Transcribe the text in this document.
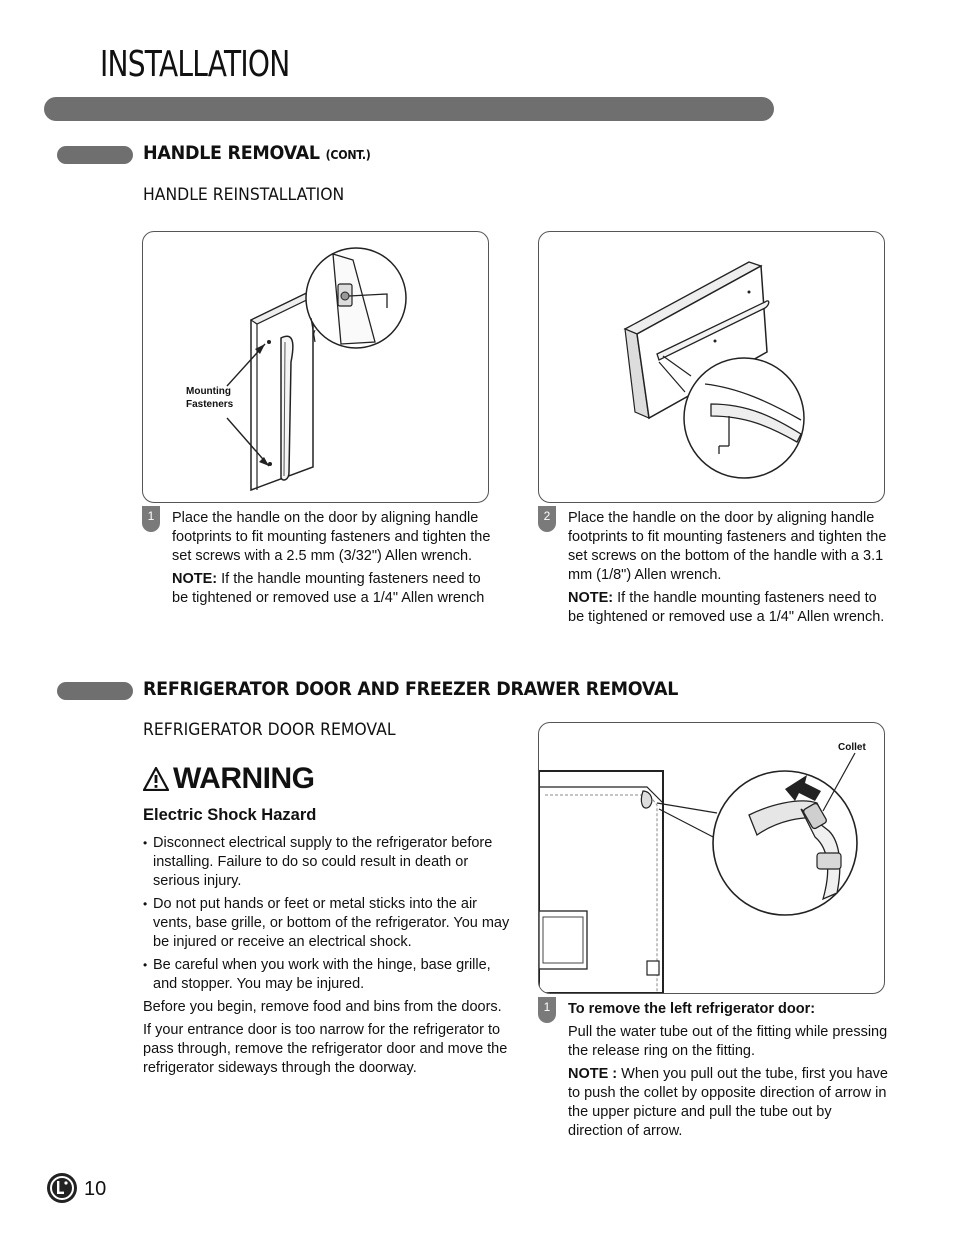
INSTALLATION
HANDLE REMOVAL (CONT.)
HANDLE REINSTALLATION
Mounting
Fasteners
1	Place the handle on the door by aligning handle footprints to fit mounting fasteners and tighten the set screws with a 2.5 mm (3/32") Allen wrench.

NOTE: If the handle mounting fasteners need to be tightened or removed use a 1/4" Allen wrench

2	Place the handle on the door by aligning handle footprints to fit mounting fasteners and tighten the set screws on the bottom of the handle with a 3.1 mm (1/8") Allen wrench.

NOTE: If the handle mounting fasteners need to be tightened or removed use a 1/4" Allen wrench.

REFRIGERATOR DOOR AND FREEZER DRAWER REMOVAL
REFRIGERATOR DOOR REMOVAL
WARNING
Electric Shock Hazard
• Disconnect electrical supply to the refrigerator before installing. Failure to do so could result in death or serious injury.
• Do not put hands or feet or metal sticks into the air vents, base grille, or bottom of the refrigerator. You may be injured or receive an electrical shock.
• Be careful when you work with the hinge, base grille, and stopper. You may be injured.

Before you begin, remove food and bins from the doors.

If your entrance door is too narrow for the refrigerator to pass through, remove the refrigerator door and move the refrigerator sideways through the doorway.

Collet
1	To remove the left refrigerator door:

Pull the water tube out of the fitting while pressing the release ring on the fitting.

NOTE : When you pull out the tube, first you have to push the collet by opposite direction of arrow in the upper picture and pull the tube out by direction of arrow.

10
